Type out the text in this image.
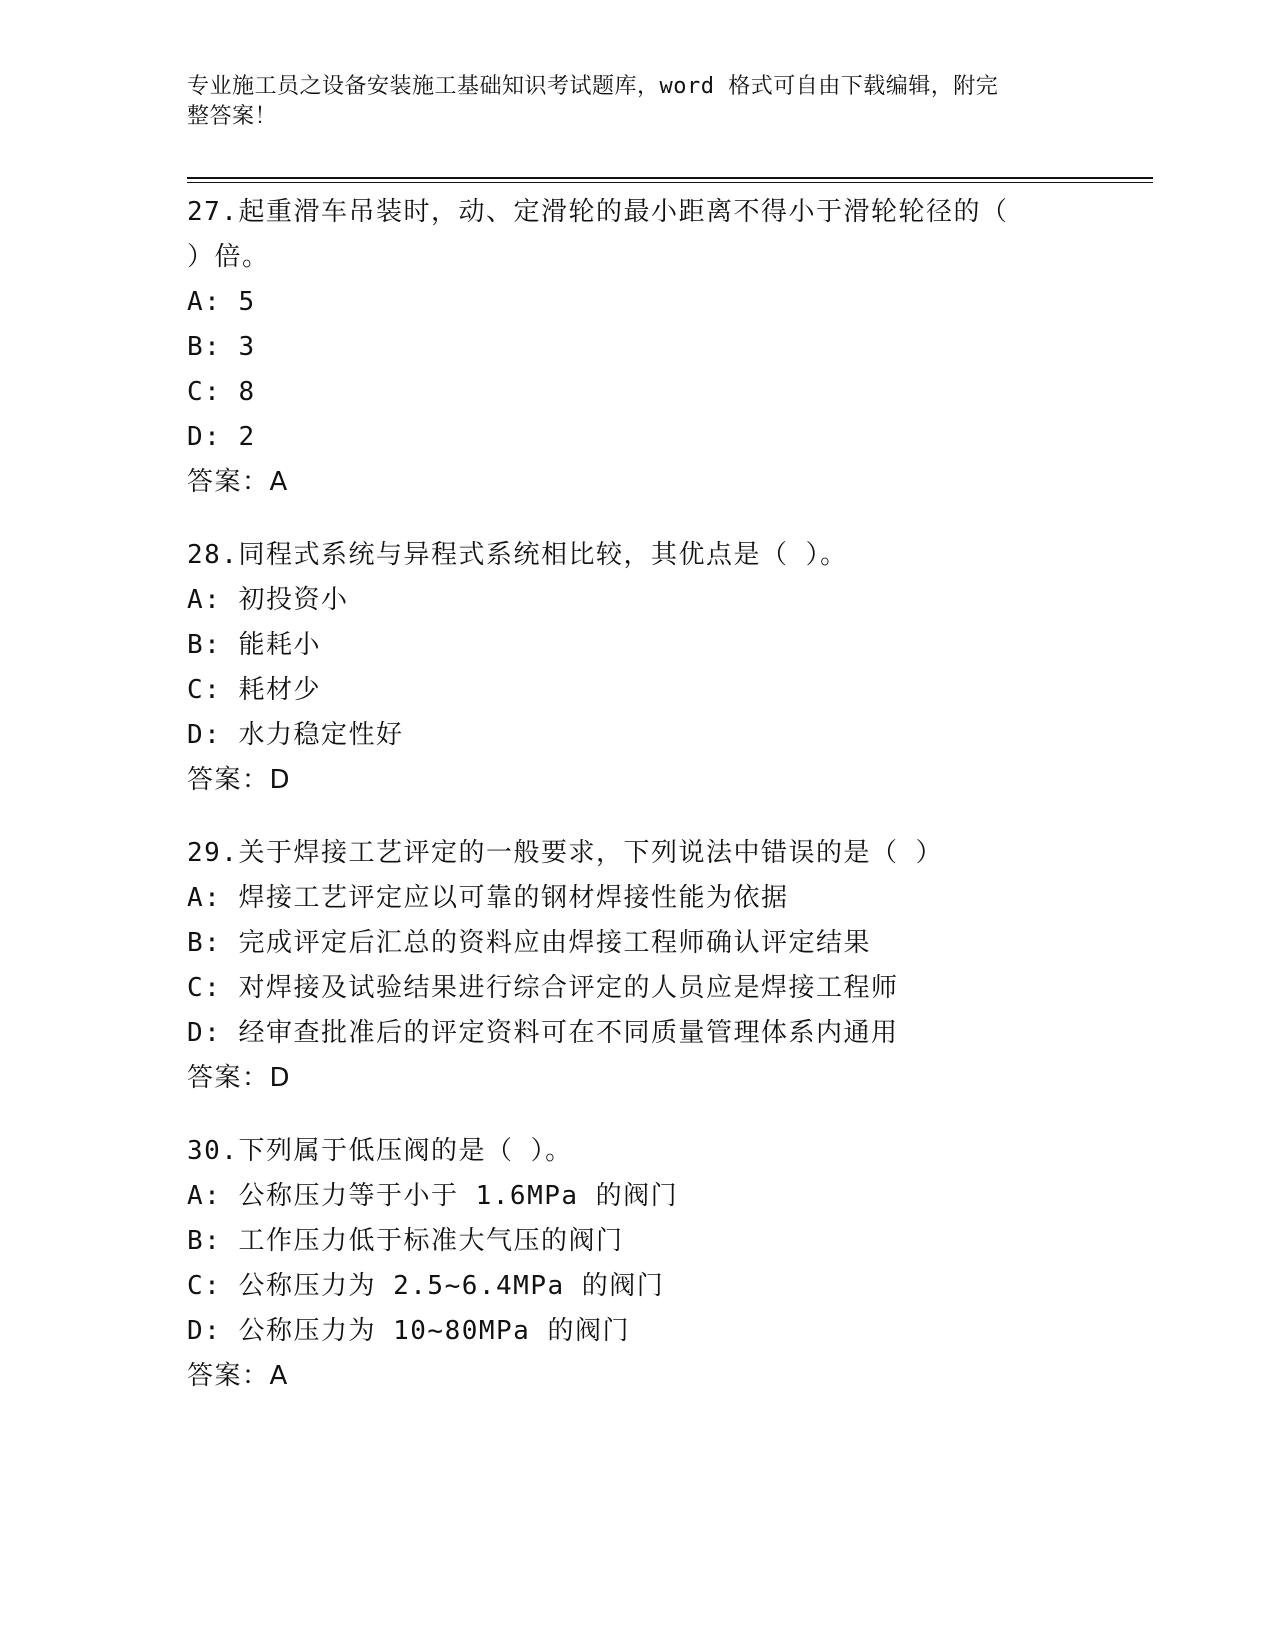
专业施工员之设备安装施工基础知识考试题库，word 格式可自由下载编辑，附完
整答案！
27.起重滑车吊装时，动、定滑轮的最小距离不得小于滑轮轮径的（
）倍。
A: 5
B: 3
C: 8
D: 2
答案：A
28.同程式系统与异程式系统相比较，其优点是（ ）。
A: 初投资小
B: 能耗小
C: 耗材少
D: 水力稳定性好
答案：D
29.关于焊接工艺评定的一般要求，下列说法中错误的是（ ）
A: 焊接工艺评定应以可靠的钢材焊接性能为依据
B: 完成评定后汇总的资料应由焊接工程师确认评定结果
C: 对焊接及试验结果进行综合评定的人员应是焊接工程师
D: 经审查批准后的评定资料可在不同质量管理体系内通用
答案：D
30.下列属于低压阀的是（ ）。
A: 公称压力等于小于 1.6MPa 的阀门
B: 工作压力低于标准大气压的阀门
C: 公称压力为 2.5~6.4MPa 的阀门
D: 公称压力为 10~80MPa 的阀门
答案：A
